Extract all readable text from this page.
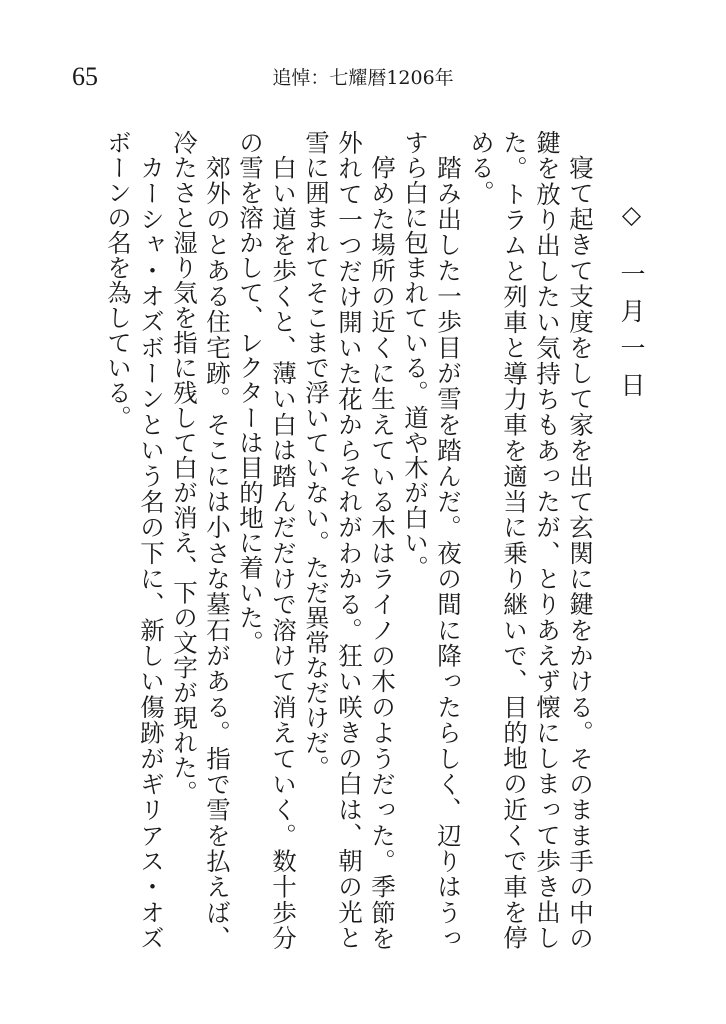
65	追悼：七耀暦1206年
◇ 一月一日

寝て起きて支度をして家を出て玄関に鍵をかける。そのまま手の中の鍵を放り出したい気持ちもあったが、とりあえず懐にしまって歩き出した。トラムと列車と導力車を適当に乗り継いで、目的地の近くで車を停める。

踏み出した一歩目が雪を踏んだ。夜の間に降ったらしく、辺りはうっすら白に包まれている。道や木が白い。

停めた場所の近くに生えている木はライノの木のようだった。季節を外れて一つだけ開いた花からそれがわかる。狂い咲きの白は、朝の光と雪に囲まれてそこまで浮いていない。ただ異常なだけだ。

白い道を歩くと、薄い白は踏んだだけで溶けて消えていく。数十歩分の雪を溶かして、レクターは目的地に着いた。

郊外のとある住宅跡。そこには小さな墓石がある。指で雪を払えば、冷たさと湿り気を指に残して白が消え、下の文字が現れた。

カーシャ・オズボーンという名の下に、新しい傷跡がギリアス・オズボーンの名を為している。
